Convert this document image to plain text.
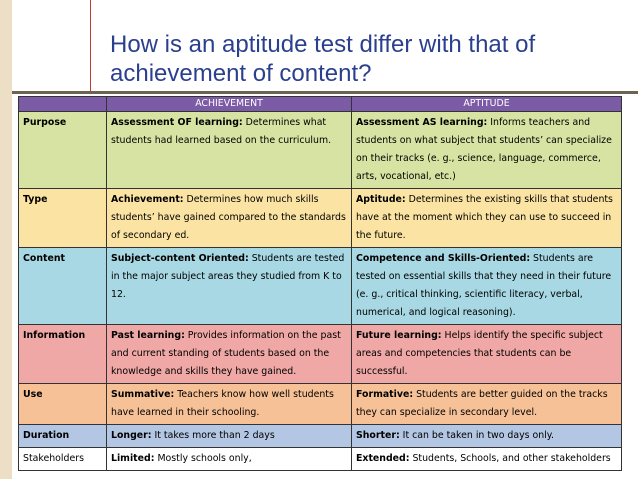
How is an aptitude test differ with that of achievement of content?
	ACHIEVEMENT	APTITUDE
Purpose	Assessment OF learning: Determines what students had learned based on the curriculum.	Assessment AS learning: Informs teachers and students on what subject that students’ can specialize on their tracks (e. g., science, language, commerce, arts, vocational, etc.)
Type	Achievement: Determines how much skills students’ have gained compared to the standards of secondary ed.	Aptitude: Determines the existing skills that students have at the moment which they can use to succeed in the future.
Content	Subject-content Oriented: Students are tested in the major subject areas they studied from K to 12.	Competence and Skills-Oriented: Students are tested on essential skills that they need in their future (e. g., critical thinking, scientific literacy, verbal, numerical, and logical reasoning).
Information	Past learning: Provides information on the past and current standing of students based on the knowledge and skills they have gained.	Future learning: Helps identify the specific subject areas and competencies that students can be successful.
Use	Summative: Teachers know how well students have learned in their schooling.	Formative: Students are better guided on the tracks they can specialize in secondary level.
Duration	Longer: It takes more than 2 days	Shorter: It can be taken in two days only.
Stakeholders	Limited: Mostly schools only,	Extended: Students, Schools, and other stakeholders
